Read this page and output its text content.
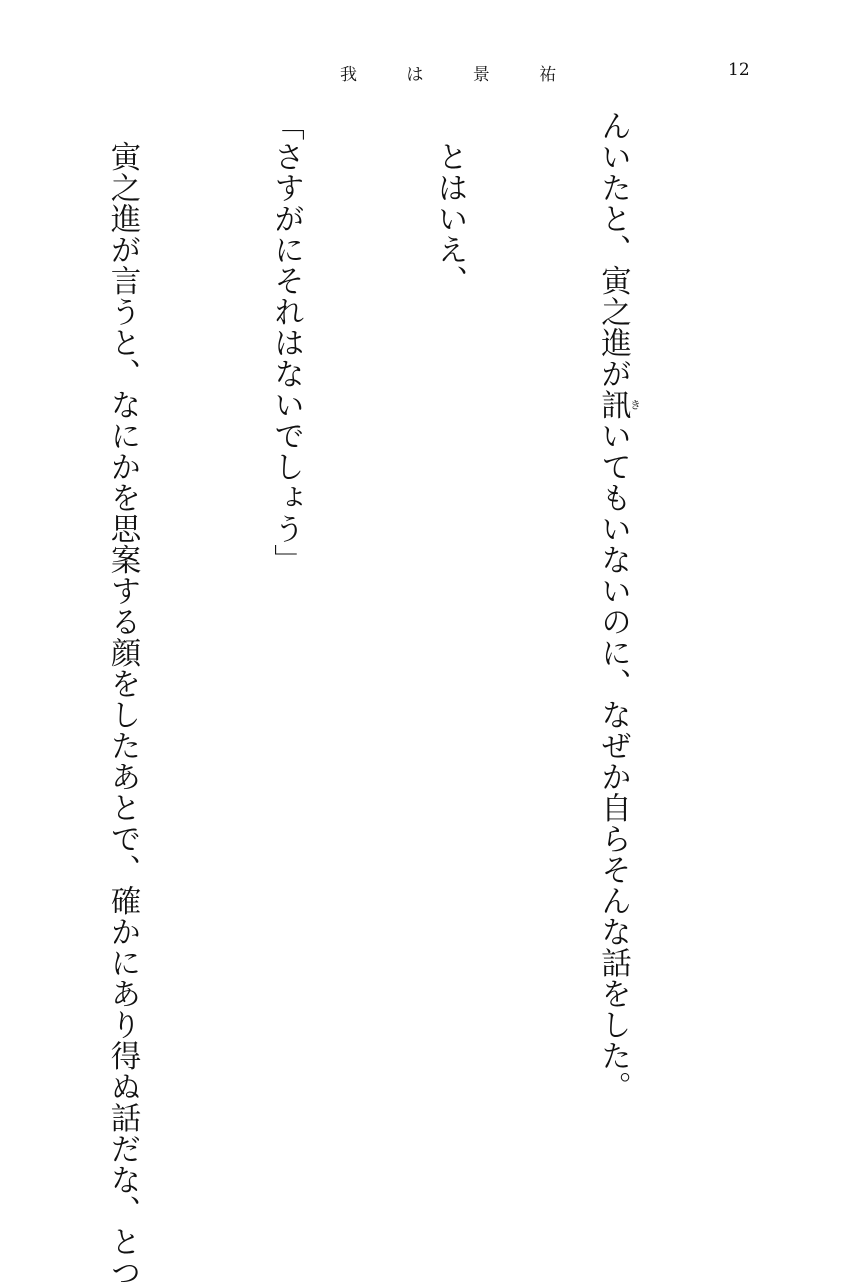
我 は 景 祐	12

んいたと、寅之進が訊きいてもいないのに、なぜか自らそんな話をした。

　とはいえ、

「さすがにそれはないでしょう」

　寅之進が言うと、なにかを思案する顔をしたあとで、確かにあり得ぬ話だな、とつ
